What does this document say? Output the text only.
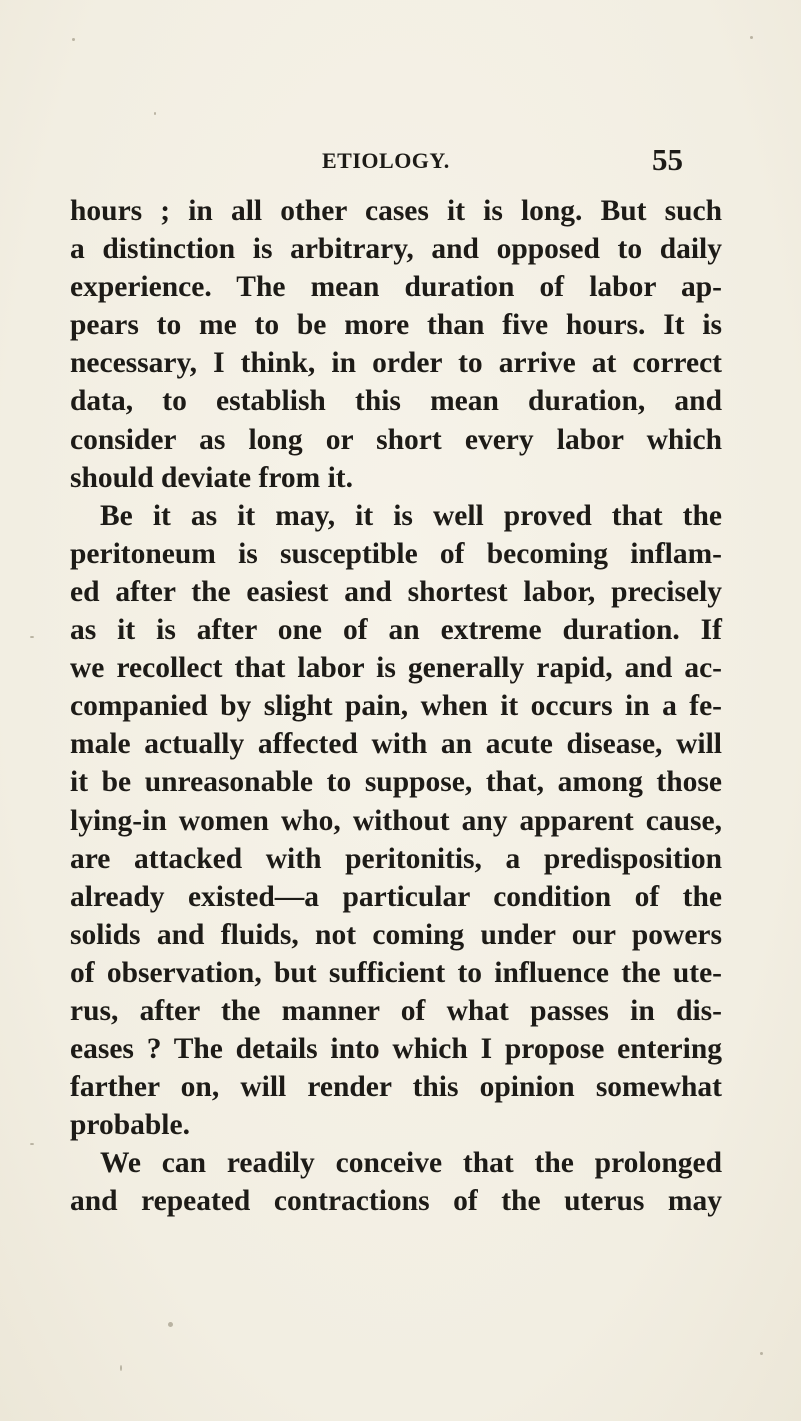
ETIOLOGY.	55
hours ; in all other cases it is long. But such
a distinction is arbitrary, and opposed to daily
experience. The mean duration of labor ap-
pears to me to be more than five hours. It is
necessary, I think, in order to arrive at correct
data, to establish this mean duration, and
consider as long or short every labor which
should deviate from it.
Be it as it may, it is well proved that the
peritoneum is susceptible of becoming inflam-
ed after the easiest and shortest labor, precisely
as it is after one of an extreme duration. If
we recollect that labor is generally rapid, and ac-
companied by slight pain, when it occurs in a fe-
male actually affected with an acute disease, will
it be unreasonable to suppose, that, among those
lying-in women who, without any apparent cause,
are attacked with peritonitis, a predisposition
already existed—a particular condition of the
solids and fluids, not coming under our powers
of observation, but sufficient to influence the ute-
rus, after the manner of what passes in dis-
eases ? The details into which I propose entering
farther on, will render this opinion somewhat
probable.
We can readily conceive that the prolonged
and repeated contractions of the uterus may
